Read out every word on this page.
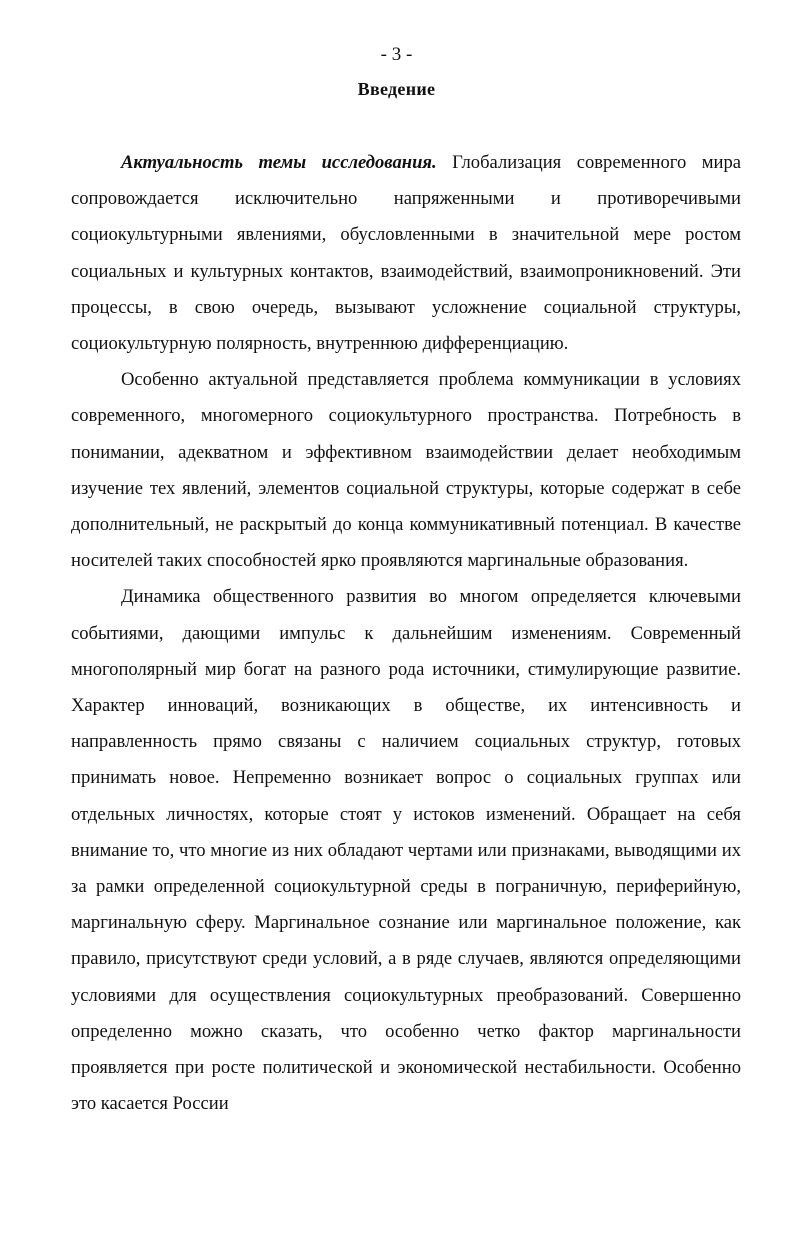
- 3 -
Введение

Актуальность темы исследования. Глобализация современного мира сопровождается исключительно напряженными и противоречивыми социокультурными явлениями, обусловленными в значительной мере ростом социальных и культурных контактов, взаимодействий, взаимопроникновений. Эти процессы, в свою очередь, вызывают усложнение социальной структуры, социокультурную полярность, внутреннюю дифференциацию.

Особенно актуальной представляется проблема коммуникации в условиях современного, многомерного социокультурного пространства. Потребность в понимании, адекватном и эффективном взаимодействии делает необходимым изучение тех явлений, элементов социальной структуры, которые содержат в себе дополнительный, не раскрытый до конца коммуникативный потенциал. В качестве носителей таких способностей ярко проявляются маргинальные образования.

Динамика общественного развития во многом определяется ключевыми событиями, дающими импульс к дальнейшим изменениям. Современный многополярный мир богат на разного рода источники, стимулирующие развитие. Характер инноваций, возникающих в обществе, их интенсивность и направленность прямо связаны с наличием социальных структур, готовых принимать новое. Непременно возникает вопрос о социальных группах или отдельных личностях, которые стоят у истоков изменений. Обращает на себя внимание то, что многие из них обладают чертами или признаками, выводящими их за рамки определенной социокультурной среды в пограничную, периферийную, маргинальную сферу. Маргинальное сознание или маргинальное положение, как правило, присутствуют среди условий, а в ряде случаев, являются определяющими условиями для осуществления социокультурных преобразований. Совершенно определенно можно сказать, что особенно четко фактор маргинальности проявляется при росте политической и экономической нестабильности. Особенно это касается России
